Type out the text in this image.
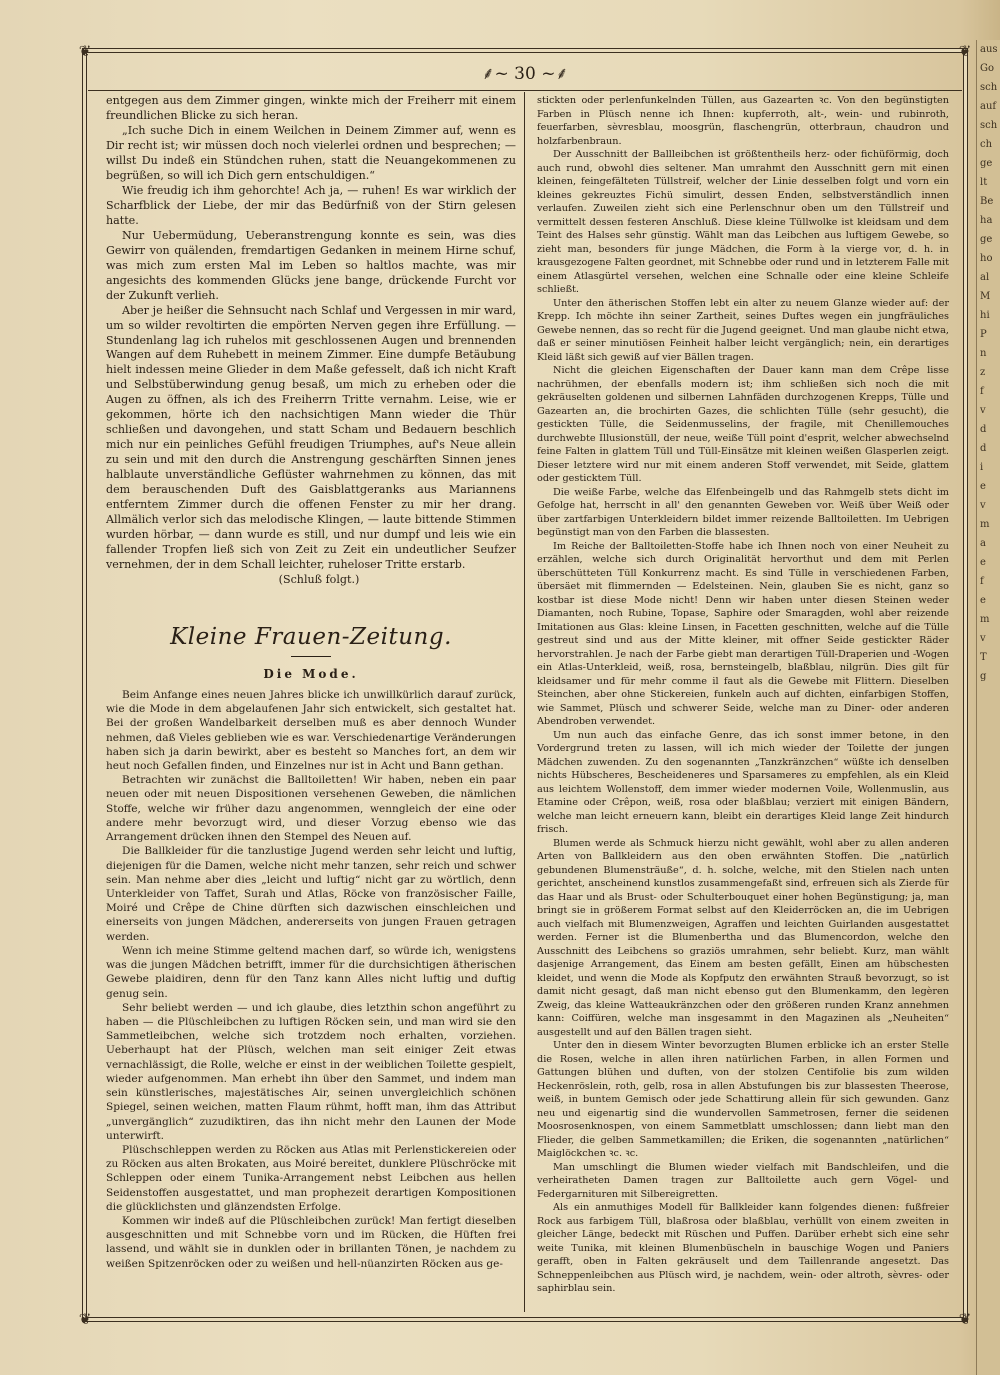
❦	❦
❦	❦
⸙~ 30 ~⸙

entgegen aus dem Zimmer gingen, winkte mich der Freiherr mit einem freundlichen Blicke zu sich heran.

„Ich suche Dich in einem Weilchen in Deinem Zimmer auf, wenn es Dir recht ist; wir müssen doch noch vielerlei ordnen und besprechen; — willst Du indeß ein Stündchen ruhen, statt die Neuangekommenen zu begrüßen, so will ich Dich gern entschuldigen.“

Wie freudig ich ihm gehorchte! Ach ja, — ruhen! Es war wirklich der Scharfblick der Liebe, der mir das Bedürfniß von der Stirn gelesen hatte.

Nur Uebermüdung, Ueberanstrengung konnte es sein, was dies Gewirr von quälenden, fremdartigen Gedanken in meinem Hirne schuf, was mich zum ersten Mal im Leben so haltlos machte, was mir angesichts des kommenden Glücks jene bange, drückende Furcht vor der Zukunft verlieh.

Aber je heißer die Sehnsucht nach Schlaf und Vergessen in mir ward, um so wilder revoltirten die empörten Nerven gegen ihre Erfüllung. — Stundenlang lag ich ruhelos mit geschlossenen Augen und brennenden Wangen auf dem Ruhebett in meinem Zimmer. Eine dumpfe Betäubung hielt indessen meine Glieder in dem Maße gefesselt, daß ich nicht Kraft und Selbstüberwindung genug besaß, um mich zu erheben oder die Augen zu öffnen, als ich des Freiherrn Tritte vernahm. Leise, wie er gekommen, hörte ich den nachsichtigen Mann wieder die Thür schließen und davongehen, und statt Scham und Bedauern beschlich mich nur ein peinliches Gefühl freudigen Triumphes, auf's Neue allein zu sein und mit den durch die Anstrengung geschärften Sinnen jenes halblaute unverständliche Geflüster wahrnehmen zu können, das mit dem berauschenden Duft des Gaisblattgeranks aus Mariannens entferntem Zimmer durch die offenen Fenster zu mir her drang. Allmälich verlor sich das melodische Klingen, — laute bittende Stimmen wurden hörbar, — dann wurde es still, und nur dumpf und leis wie ein fallender Tropfen ließ sich von Zeit zu Zeit ein undeutlicher Seufzer vernehmen, der in dem Schall leichter, ruheloser Tritte erstarb.

(Schluß folgt.)

Kleine Frauen-Zeitung.
Die Mode.

Beim Anfange eines neuen Jahres blicke ich unwillkürlich darauf zurück, wie die Mode in dem abgelaufenen Jahr sich entwickelt, sich gestaltet hat. Bei der großen Wandelbarkeit derselben muß es aber dennoch Wunder nehmen, daß Vieles geblieben wie es war. Verschiedenartige Veränderungen haben sich ja darin bewirkt, aber es besteht so Manches fort, an dem wir heut noch Gefallen finden, und Einzelnes nur ist in Acht und Bann gethan.

Betrachten wir zunächst die Balltoiletten! Wir haben, neben ein paar neuen oder mit neuen Dispositionen versehenen Geweben, die nämlichen Stoffe, welche wir früher dazu angenommen, wenngleich der eine oder andere mehr bevorzugt wird, und dieser Vorzug ebenso wie das Arrangement drücken ihnen den Stempel des Neuen auf.

Die Ballkleider für die tanzlustige Jugend werden sehr leicht und luftig, diejenigen für die Damen, welche nicht mehr tanzen, sehr reich und schwer sein. Man nehme aber dies „leicht und luftig“ nicht gar zu wörtlich, denn Unterkleider von Taffet, Surah und Atlas, Röcke von französischer Faille, Moiré und Crêpe de Chine dürften sich dazwischen einschleichen und einerseits von jungen Mädchen, andererseits von jungen Frauen getragen werden.

Wenn ich meine Stimme geltend machen darf, so würde ich, wenigstens was die jungen Mädchen betrifft, immer für die durchsichtigen ätherischen Gewebe plaidiren, denn für den Tanz kann Alles nicht luftig und duftig genug sein.

Sehr beliebt werden — und ich glaube, dies letzthin schon angeführt zu haben — die Plüschleibchen zu luftigen Röcken sein, und man wird sie den Sammetleibchen, welche sich trotzdem noch erhalten, vorziehen. Ueberhaupt hat der Plüsch, welchen man seit einiger Zeit etwas vernachlässigt, die Rolle, welche er einst in der weiblichen Toilette gespielt, wieder aufgenommen. Man erhebt ihn über den Sammet, und indem man sein künstlerisches, majestätisches Air, seinen unvergleichlich schönen Spiegel, seinen weichen, matten Flaum rühmt, hofft man, ihm das Attribut „unvergänglich“ zuzudiktiren, das ihn nicht mehr den Launen der Mode unterwirft.

Plüschschleppen werden zu Röcken aus Atlas mit Perlenstickereien oder zu Röcken aus alten Brokaten, aus Moiré bereitet, dunklere Plüschröcke mit Schleppen oder einem Tunika-Arrangement nebst Leibchen aus hellen Seidenstoffen ausgestattet, und man prophezeit derartigen Kompositionen die glücklichsten und glänzendsten Erfolge.

Kommen wir indeß auf die Plüschleibchen zurück! Man fertigt dieselben ausgeschnitten und mit Schnebbe vorn und im Rücken, die Hüften frei lassend, und wählt sie in dunklen oder in brillanten Tönen, je nachdem zu weißen Spitzenröcken oder zu weißen und hell-nüanzirten Röcken aus ge-

stickten oder perlenfunkelnden Tüllen, aus Gazearten ꝛc. Von den begünstigten Farben in Plüsch nenne ich Ihnen: kupferroth, alt-, wein- und rubinroth, feuerfarben, sèvresblau, moosgrün, flaschengrün, otterbraun, chaudron und holzfarbenbraun.

Der Ausschnitt der Ballleibchen ist größtentheils herz- oder fichüförmig, doch auch rund, obwohl dies seltener. Man umrahmt den Ausschnitt gern mit einen kleinen, feingefälteten Tüllstreif, welcher der Linie desselben folgt und vorn ein kleines gekreuztes Fichü simulirt, dessen Enden, selbstverständlich innen verlaufen. Zuweilen zieht sich eine Perlenschnur oben um den Tüllstreif und vermittelt dessen festeren Anschluß. Diese kleine Tüllwolke ist kleidsam und dem Teint des Halses sehr günstig. Wählt man das Leibchen aus luftigem Gewebe, so zieht man, besonders für junge Mädchen, die Form à la vierge vor, d. h. in krausgezogene Falten geordnet, mit Schnebbe oder rund und in letzterem Falle mit einem Atlasgürtel versehen, welchen eine Schnalle oder eine kleine Schleife schließt.

Unter den ätherischen Stoffen lebt ein alter zu neuem Glanze wieder auf: der Krepp. Ich möchte ihn seiner Zartheit, seines Duftes wegen ein jungfräuliches Gewebe nennen, das so recht für die Jugend geeignet. Und man glaube nicht etwa, daß er seiner minutiösen Feinheit halber leicht vergänglich; nein, ein derartiges Kleid läßt sich gewiß auf vier Bällen tragen.

Nicht die gleichen Eigenschaften der Dauer kann man dem Crêpe lisse nachrühmen, der ebenfalls modern ist; ihm schließen sich noch die mit gekräuselten goldenen und silbernen Lahnfäden durchzogenen Krepps, Tülle und Gazearten an, die brochirten Gazes, die schlichten Tülle (sehr gesucht), die gestickten Tülle, die Seidenmusselins, der fragile, mit Chenillemouches durchwebte Illusionstüll, der neue, weiße Tüll point d'esprit, welcher abwechselnd feine Falten in glattem Tüll und Tüll-Einsätze mit kleinen weißen Glasperlen zeigt. Dieser letztere wird nur mit einem anderen Stoff verwendet, mit Seide, glattem oder gesticktem Tüll.

Die weiße Farbe, welche das Elfenbeingelb und das Rahmgelb stets dicht im Gefolge hat, herrscht in all' den genannten Geweben vor. Weiß über Weiß oder über zartfarbigen Unterkleidern bildet immer reizende Balltoiletten. Im Uebrigen begünstigt man von den Farben die blassesten.

Im Reiche der Balltoiletten-Stoffe habe ich Ihnen noch von einer Neuheit zu erzählen, welche sich durch Originalität hervorthut und dem mit Perlen überschütteten Tüll Konkurrenz macht. Es sind Tülle in verschiedenen Farben, übersäet mit flimmernden — Edelsteinen. Nein, glauben Sie es nicht, ganz so kostbar ist diese Mode nicht! Denn wir haben unter diesen Steinen weder Diamanten, noch Rubine, Topase, Saphire oder Smaragden, wohl aber reizende Imitationen aus Glas: kleine Linsen, in Facetten geschnitten, welche auf die Tülle gestreut sind und aus der Mitte kleiner, mit offner Seide gestickter Räder hervorstrahlen. Je nach der Farbe giebt man derartigen Tüll-Draperien und -Wogen ein Atlas-Unterkleid, weiß, rosa, bernsteingelb, blaßblau, nilgrün. Dies gilt für kleidsamer und für mehr comme il faut als die Gewebe mit Flittern. Dieselben Steinchen, aber ohne Stickereien, funkeln auch auf dichten, einfarbigen Stoffen, wie Sammet, Plüsch und schwerer Seide, welche man zu Diner- oder anderen Abendroben verwendet.

Um nun auch das einfache Genre, das ich sonst immer betone, in den Vordergrund treten zu lassen, will ich mich wieder der Toilette der jungen Mädchen zuwenden. Zu den sogenannten „Tanzkränzchen“ wüßte ich denselben nichts Hübscheres, Bescheideneres und Sparsameres zu empfehlen, als ein Kleid aus leichtem Wollenstoff, dem immer wieder modernen Voile, Wollenmuslin, aus Etamine oder Crêpon, weiß, rosa oder blaßblau; verziert mit einigen Bändern, welche man leicht erneuern kann, bleibt ein derartiges Kleid lange Zeit hindurch frisch.

Blumen werde als Schmuck hierzu nicht gewählt, wohl aber zu allen anderen Arten von Ballkleidern aus den oben erwähnten Stoffen. Die „natürlich gebundenen Blumensträuße“, d. h. solche, welche, mit den Stielen nach unten gerichtet, anscheinend kunstlos zusammengefaßt sind, erfreuen sich als Zierde für das Haar und als Brust- oder Schulterbouquet einer hohen Begünstigung; ja, man bringt sie in größerem Format selbst auf den Kleiderröcken an, die im Uebrigen auch vielfach mit Blumenzweigen, Agraffen und leichten Guirlanden ausgestattet werden. Ferner ist die Blumenbertha und das Blumencordon, welche den Ausschnitt des Leibchens so graziös umrahmen, sehr beliebt. Kurz, man wählt dasjenige Arrangement, das Einem am besten gefällt, Einen am hübschesten kleidet, und wenn die Mode als Kopfputz den erwähnten Strauß bevorzugt, so ist damit nicht gesagt, daß man nicht ebenso gut den Blumenkamm, den legèren Zweig, das kleine Watteaukränzchen oder den größeren runden Kranz annehmen kann: Coiffüren, welche man insgesammt in den Magazinen als „Neuheiten“ ausgestellt und auf den Bällen tragen sieht.

Unter den in diesem Winter bevorzugten Blumen erblicke ich an erster Stelle die Rosen, welche in allen ihren natürlichen Farben, in allen Formen und Gattungen blühen und duften, von der stolzen Centifolie bis zum wilden Heckenröslein, roth, gelb, rosa in allen Abstufungen bis zur blassesten Theerose, weiß, in buntem Gemisch oder jede Schattirung allein für sich gewunden. Ganz neu und eigenartig sind die wundervollen Sammetrosen, ferner die seidenen Moosrosenknospen, von einem Sammetblatt umschlossen; dann liebt man den Flieder, die gelben Sammetkamillen; die Eriken, die sogenannten „natürlichen“ Maiglöckchen ꝛc. ꝛc.

Man umschlingt die Blumen wieder vielfach mit Bandschleifen, und die verheiratheten Damen tragen zur Balltoilette auch gern Vögel- und Federgarnituren mit Silbereigretten.

Als ein anmuthiges Modell für Ballkleider kann folgendes dienen: fußfreier Rock aus farbigem Tüll, blaßrosa oder blaßblau, verhüllt von einem zweiten in gleicher Länge, bedeckt mit Rüschen und Puffen. Darüber erhebt sich eine sehr weite Tunika, mit kleinen Blumenbüscheln in bauschige Wogen und Paniers gerafft, oben in Falten gekräuselt und dem Taillenrande angesetzt. Das Schneppenleibchen aus Plüsch wird, je nachdem, wein- oder altroth, sèvres- oder saphirblau sein.

aus
Go
sch
auf
sch
ch
ge
lt
Be
ha
ge
ho
al
M
hi
P
n
z
f
v
d
d
i
e
v
m
a
e
f
e
m
v
T
g
